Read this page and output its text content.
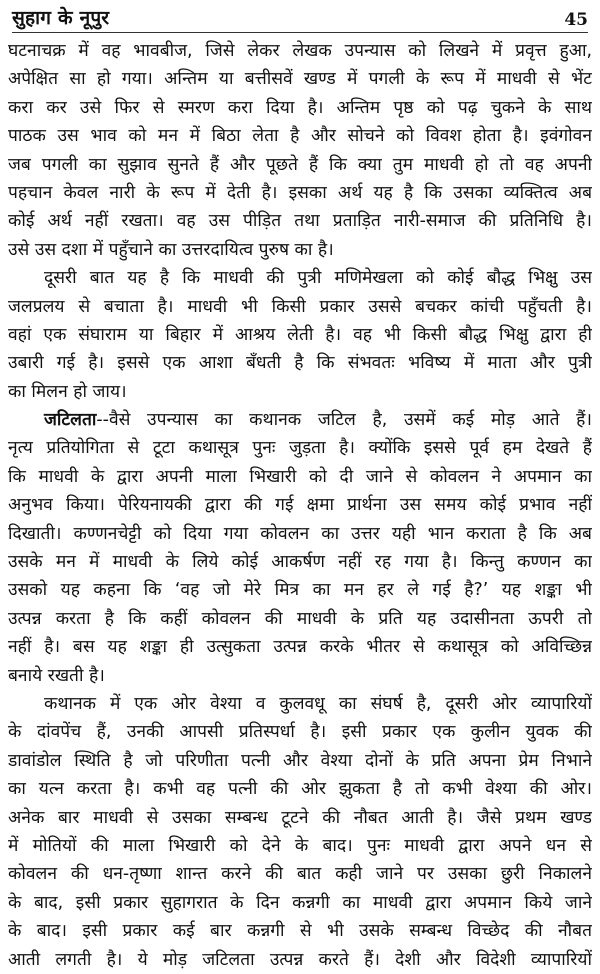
सुहाग के नूपुर	45
घटनाचक्र में वह भावबीज, जिसे लेकर लेखक उपन्यास को लिखने में प्रवृत्त हुआ,
अपेक्षित सा हो गया। अन्तिम या बत्तीसवें खण्ड में पगली के रूप में माधवी से भेंट
करा कर उसे फिर से स्मरण करा दिया है। अन्तिम पृष्ठ को पढ़ चुकने के साथ
पाठक उस भाव को मन में बिठा लेता है और सोचने को विवश होता है। इवंगोवन
जब पगली का सुझाव सुनते हैं और पूछते हैं कि क्या तुम माधवी हो तो वह अपनी
पहचान केवल नारी के रूप में देती है। इसका अर्थ यह है कि उसका व्यक्तित्व अब
कोई अर्थ नहीं रखता। वह उस पीड़ित तथा प्रताड़ित नारी-समाज की प्रतिनिधि है।
उसे उस दशा में पहुँचाने का उत्तरदायित्व पुरुष का है।
दूसरी बात यह है कि माधवी की पुत्री मणिमेखला को कोई बौद्ध भिक्षु उस
जलप्रलय से बचाता है। माधवी भी किसी प्रकार उससे बचकर कांची पहुँचती है।
वहां एक संघाराम या बिहार में आश्रय लेती है। वह भी किसी बौद्ध भिक्षु द्वारा ही
उबारी गई है। इससे एक आशा बँधती है कि संभवतः भविष्य में माता और पुत्री
का मिलन हो जाय।
जटिलता--वैसे उपन्यास का कथानक जटिल है, उसमें कई मोड़ आते हैं।
नृत्य प्रतियोगिता से टूटा कथासूत्र पुनः जुड़ता है। क्योंकि इससे पूर्व हम देखते हैं
कि माधवी के द्वारा अपनी माला भिखारी को दी जाने से कोवलन ने अपमान का
अनुभव किया। पेरियनायकी द्वारा की गई क्षमा प्रार्थना उस समय कोई प्रभाव नहीं
दिखाती। कण्णनचेट्टी को दिया गया कोवलन का उत्तर यही भान कराता है कि अब
उसके मन में माधवी के लिये कोई आकर्षण नहीं रह गया है। किन्तु कण्णन का
उसको यह कहना कि ‘वह जो मेरे मित्र का मन हर ले गई है?’ यह शङ्का भी
उत्पन्न करता है कि कहीं कोवलन की माधवी के प्रति यह उदासीनता ऊपरी तो
नहीं है। बस यह शङ्का ही उत्सुकता उत्पन्न करके भीतर से कथासूत्र को अविच्छिन्न
बनाये रखती है।
कथानक में एक ओर वेश्या व कुलवधू का संघर्ष है, दूसरी ओर व्यापारियों
के दांवपेंच हैं, उनकी आपसी प्रतिस्पर्धा है। इसी प्रकार एक कुलीन युवक की
डावांडोल स्थिति है जो परिणीता पत्नी और वेश्या दोनों के प्रति अपना प्रेम निभाने
का यत्न करता है। कभी वह पत्नी की ओर झुकता है तो कभी वेश्या की ओर।
अनेक बार माधवी से उसका सम्बन्ध टूटने की नौबत आती है। जैसे प्रथम खण्ड
में मोतियों की माला भिखारी को देने के बाद। पुनः माधवी द्वारा अपने धन से
कोवलन की धन-तृष्णा शान्त करने की बात कही जाने पर उसका छुरी निकालने
के बाद, इसी प्रकार सुहागरात के दिन कन्नगी का माधवी द्वारा अपमान किये जाने
के बाद। इसी प्रकार कई बार कन्नगी से भी उसके सम्बन्ध विच्छेद की नौबत
आती लगती है। ये मोड़ जटिलता उत्पन्न करते हैं। देशी और विदेशी व्यापारियों
